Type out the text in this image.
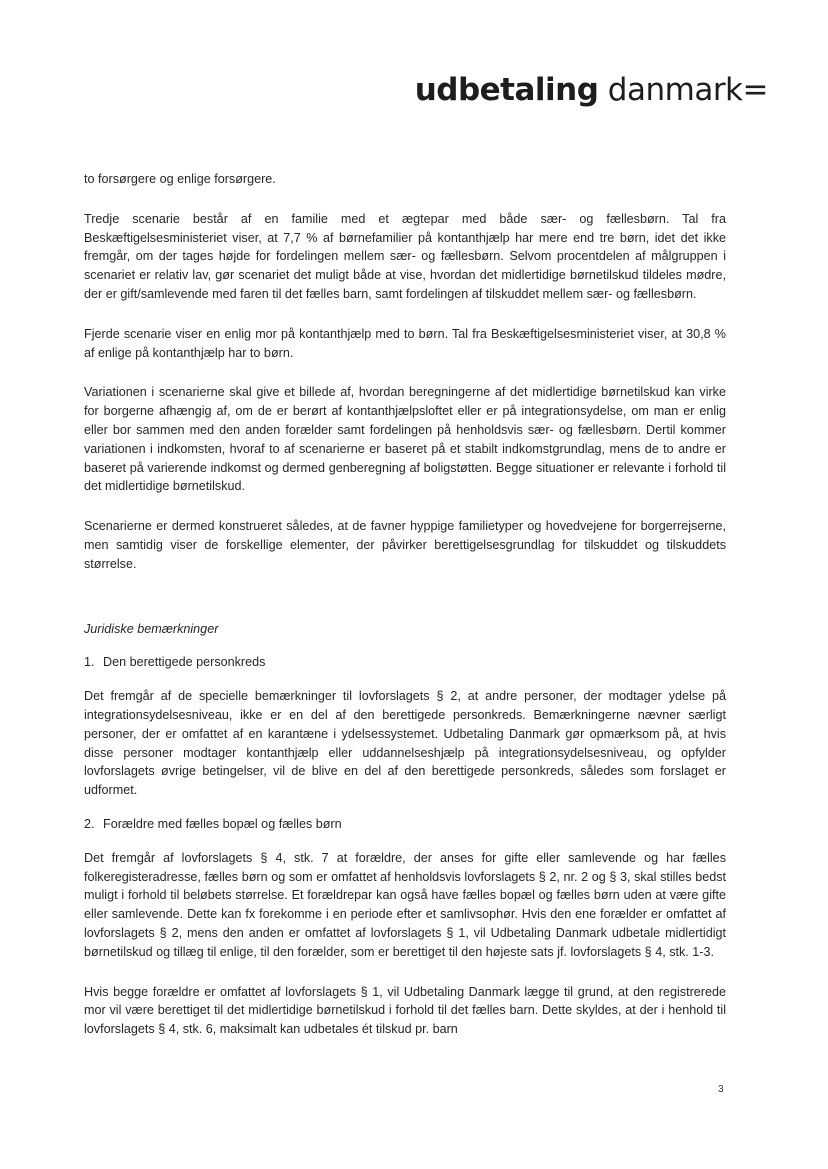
udbetaling danmark=

to forsørgere og enlige forsørgere.

Tredje scenarie består af en familie med et ægtepar med både sær- og fællesbørn. Tal fra Beskæftigelsesministeriet viser, at 7,7 % af børnefamilier på kontanthjælp har mere end tre børn, idet det ikke fremgår, om der tages højde for fordelingen mellem sær- og fællesbørn. Selvom procentdelen af målgruppen i scenariet er relativ lav, gør scenariet det muligt både at vise, hvordan det midlertidige børnetilskud tildeles mødre, der er gift/samlevende med faren til det fælles barn, samt fordelingen af tilskuddet mellem sær- og fællesbørn.

Fjerde scenarie viser en enlig mor på kontanthjælp med to børn. Tal fra Beskæftigelsesministeriet viser, at 30,8 % af enlige på kontanthjælp har to børn.

Variationen i scenarierne skal give et billede af, hvordan beregningerne af det midlertidige børnetilskud kan virke for borgerne afhængig af, om de er berørt af kontanthjælpsloftet eller er på integrationsydelse, om man er enlig eller bor sammen med den anden forælder samt fordelingen på henholdsvis sær- og fællesbørn. Dertil kommer variationen i indkomsten, hvoraf to af scenarierne er baseret på et stabilt indkomstgrundlag, mens de to andre er baseret på varierende indkomst og dermed genberegning af boligstøtten. Begge situationer er relevante i forhold til det midlertidige børnetilskud.

Scenarierne er dermed konstrueret således, at de favner hyppige familietyper og hovedvejene for borgerrejserne, men samtidig viser de forskellige elementer, der påvirker berettigelsesgrundlag for tilskuddet og tilskuddets størrelse.

Juridiske bemærkninger

1. Den berettigede personkreds

Det fremgår af de specielle bemærkninger til lovforslagets § 2, at andre personer, der modtager ydelse på integrationsydelsesniveau, ikke er en del af den berettigede personkreds. Bemærkningerne nævner særligt personer, der er omfattet af en karantæne i ydelsessystemet. Udbetaling Danmark gør opmærksom på, at hvis disse personer modtager kontanthjælp eller uddannelseshjælp på integrationsydelsesniveau, og opfylder lovforslagets øvrige betingelser, vil de blive en del af den berettigede personkreds, således som forslaget er udformet.

2. Forældre med fælles bopæl og fælles børn

Det fremgår af lovforslagets § 4, stk. 7 at forældre, der anses for gifte eller samlevende og har fælles folkeregisteradresse, fælles børn og som er omfattet af henholdsvis lovforslagets § 2, nr. 2 og § 3, skal stilles bedst muligt i forhold til beløbets størrelse. Et forældrepar kan også have fælles bopæl og fælles børn uden at være gifte eller samlevende. Dette kan fx forekomme i en periode efter et samlivsophør. Hvis den ene forælder er omfattet af lovforslagets § 2, mens den anden er omfattet af lovforslagets § 1, vil Udbetaling Danmark udbetale midlertidigt børnetilskud og tillæg til enlige, til den forælder, som er berettiget til den højeste sats jf. lovforslagets § 4, stk. 1-3.

Hvis begge forældre er omfattet af lovforslagets § 1, vil Udbetaling Danmark lægge til grund, at den registrerede mor vil være berettiget til det midlertidige børnetilskud i forhold til det fælles barn. Dette skyldes, at der i henhold til lovforslagets § 4, stk. 6, maksimalt kan udbetales ét tilskud pr. barn

3
